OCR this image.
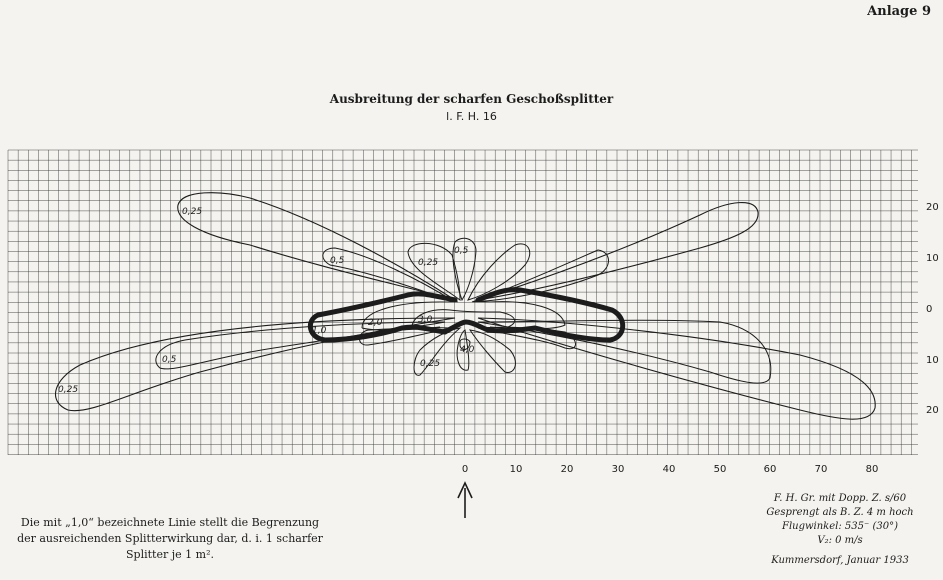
Anlage 9
Ausbreitung der scharfen Geschoßsplitter
l. F. H. 16
0,25
0,5	0,25
0,5
2,0
1,0
3,0
0,5
0,25
4,0
0,25
0	10	20	30	40	50	60	70	80
20
10
0
10
20
Die mit „1,0“ bezeichnete Linie stellt die Begrenzung
der ausreichenden Splitterwirkung dar, d. i. 1 scharfer
Splitter je 1 m².
F. H. Gr. mit Dopp. Z. s/60
Gesprengt als B. Z. 4 m hoch
Flugwinkel: 535⁻ (30°)
V₂: 0 m/s
Kummersdorf, Januar 1933
